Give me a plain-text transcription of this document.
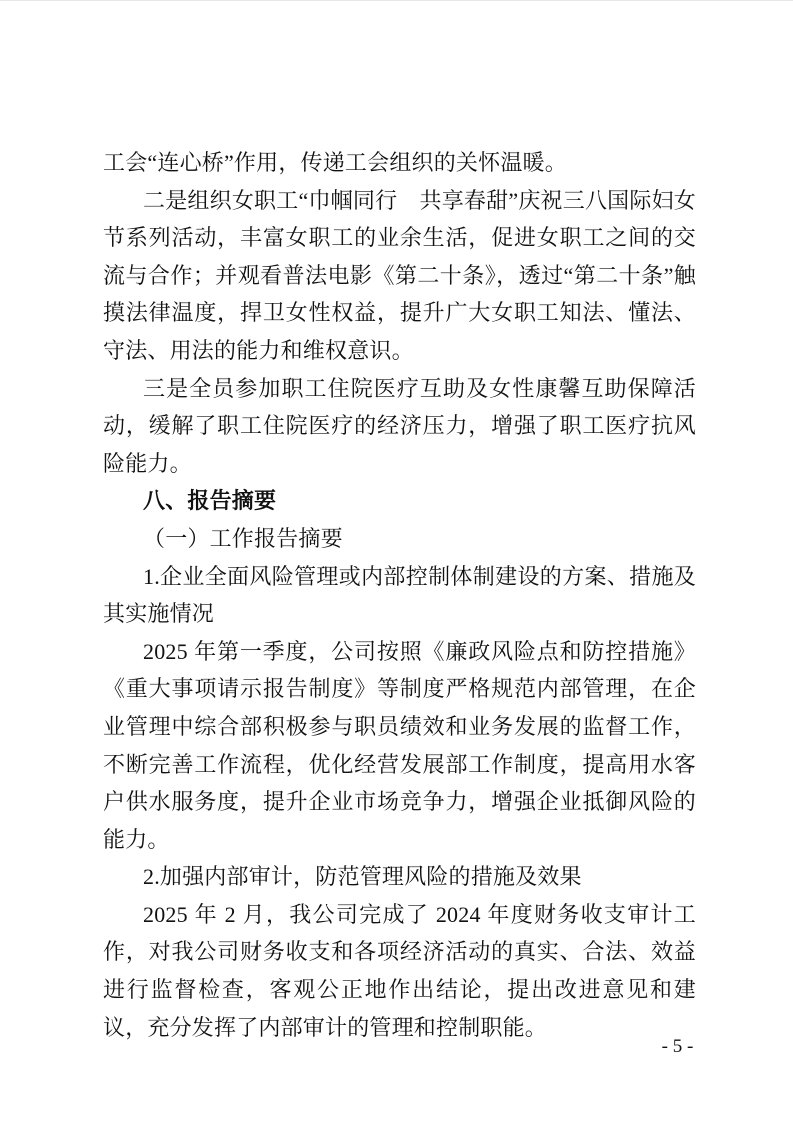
工会“连心桥”作用，传递工会组织的关怀温暖。

二是组织女职工“巾帼同行　共享春甜”庆祝三八国际妇女节系列活动，丰富女职工的业余生活，促进女职工之间的交流与合作；并观看普法电影《第二十条》，透过“第二十条”触摸法律温度，捍卫女性权益，提升广大女职工知法、懂法、守法、用法的能力和维权意识。

三是全员参加职工住院医疗互助及女性康馨互助保障活动，缓解了职工住院医疗的经济压力，增强了职工医疗抗风险能力。

八、报告摘要
（一）工作报告摘要

1.企业全面风险管理或内部控制体制建设的方案、措施及其实施情况

2025 年第一季度，公司按照《廉政风险点和防控措施》《重大事项请示报告制度》等制度严格规范内部管理，在企业管理中综合部积极参与职员绩效和业务发展的监督工作，不断完善工作流程，优化经营发展部工作制度，提高用水客户供水服务度，提升企业市场竞争力，增强企业抵御风险的能力。

2.加强内部审计，防范管理风险的措施及效果

2025 年 2 月，我公司完成了 2024 年度财务收支审计工作，对我公司财务收支和各项经济活动的真实、合法、效益进行监督检查，客观公正地作出结论，提出改进意见和建议，充分发挥了内部审计的管理和控制职能。

- 5 -
